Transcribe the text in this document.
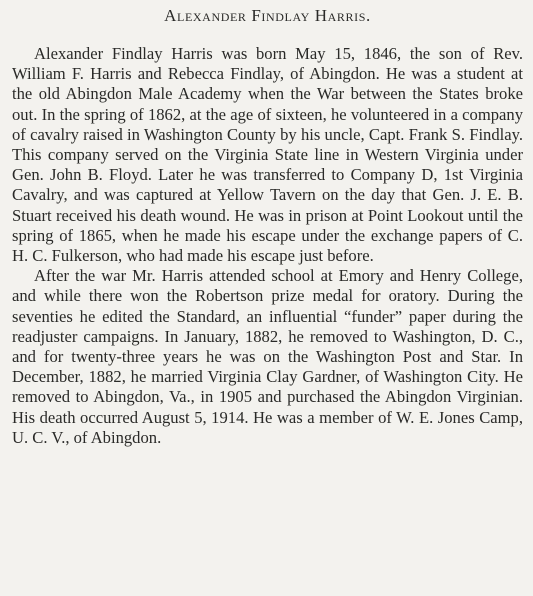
Alexander Findlay Harris.

Alexander Findlay Harris was born May 15, 1846, the son of Rev. William F. Harris and Rebecca Findlay, of Abingdon. He was a student at the old Abingdon Male Academy when the War between the States broke out. In the spring of 1862, at the age of sixteen, he volunteered in a company of cavalry raised in Washington County by his uncle, Capt. Frank S. Findlay. This company served on the Virginia State line in Western Virginia under Gen. John B. Floyd. Later he was transferred to Company D, 1st Virginia Cavalry, and was captured at Yellow Tavern on the day that Gen. J. E. B. Stuart received his death wound. He was in prison at Point Lookout until the spring of 1865, when he made his escape under the exchange papers of C. H. C. Fulkerson, who had made his escape just before.

After the war Mr. Harris attended school at Emory and Henry College, and while there won the Robertson prize medal for oratory. During the seventies he edited the Standard, an influential “funder” paper during the readjuster campaigns. In January, 1882, he removed to Washington, D. C., and for twenty-three years he was on the Washington Post and Star. In December, 1882, he married Virginia Clay Gardner, of Washington City. He removed to Abingdon, Va., in 1905 and purchased the Abingdon Virginian. His death occurred August 5, 1914. He was a member of W. E. Jones Camp, U. C. V., of Abingdon.
